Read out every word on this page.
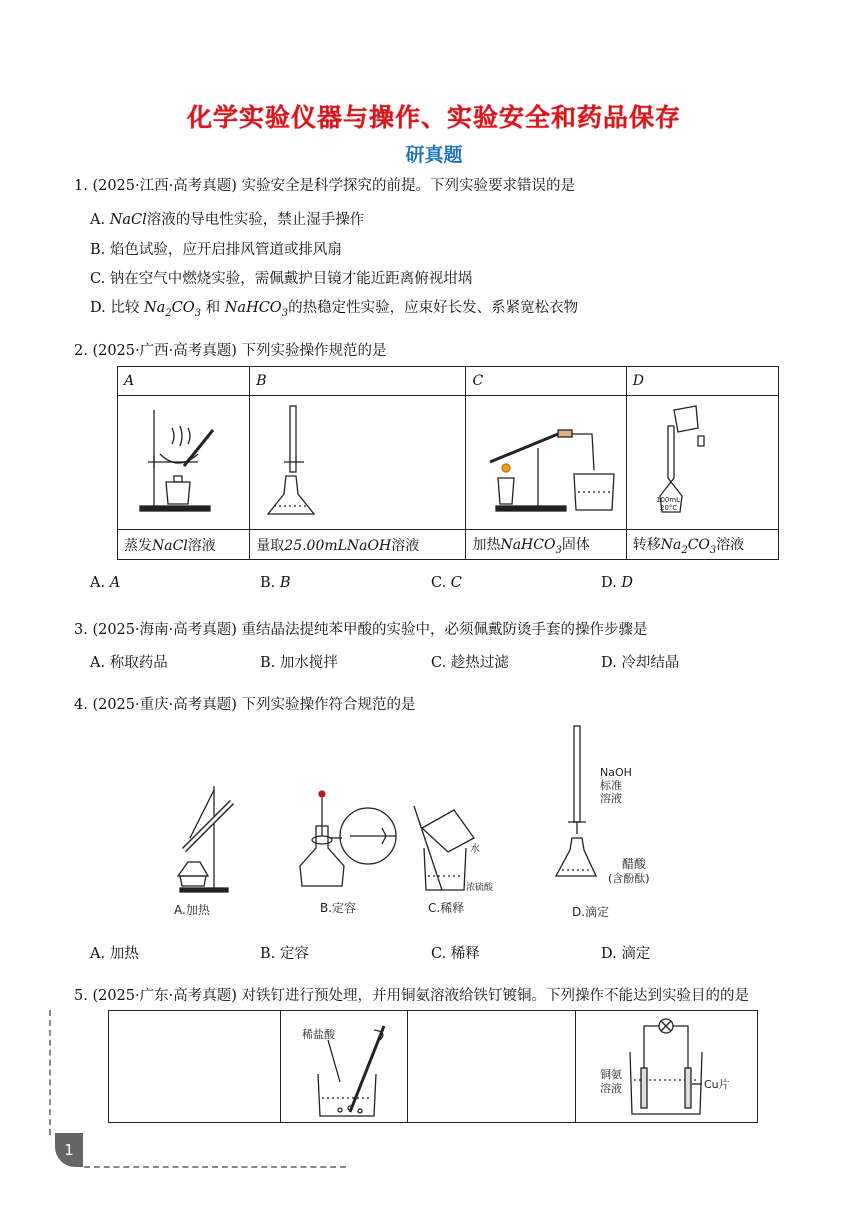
化学实验仪器与操作、实验安全和药品保存
研真题
1. (2025·江西·高考真题) 实验安全是科学探究的前提。下列实验要求错误的是
A. NaCl溶液的导电性实验，禁止湿手操作
B. 焰色试验，应开启排风管道或排风扇
C. 钠在空气中燃烧实验，需佩戴护目镜才能近距离俯视坩埚
D. 比较 $Na_2CO_3$ 和 NaHCO$_3$的热稳定性实验，应束好长发、系紧宽松衣物
2. (2025·广西·高考真题) 下列实验操作规范的是
A	B	C	D

蒸发NaCl溶液	量取25.00mLNaOH溶液	加热NaHCO$_3$固体	转移$Na_2CO_3$溶液
100mL
20°C
A. A	B. B	C. C	D. D
3. (2025·海南·高考真题) 重结晶法提纯苯甲酸的实验中，必须佩戴防烫手套的操作步骤是
A. 称取药品	B. 加水搅拌	C. 趁热过滤	D. 冷却结晶
4. (2025·重庆·高考真题) 下列实验操作符合规范的是
A.加热	B.定容
水
浓硫酸
C.稀释
NaOH
标准
溶液
醋酸
(含酚酞)
D.滴定
A. 加热	B. 定容	C. 稀释	D. 滴定
5. (2025·广东·高考真题) 对铁钉进行预处理，并用铜氨溶液给铁钉镀铜。下列操作不能达到实验目的的是

稀盐酸
铜氨
溶液	Cu片
1
